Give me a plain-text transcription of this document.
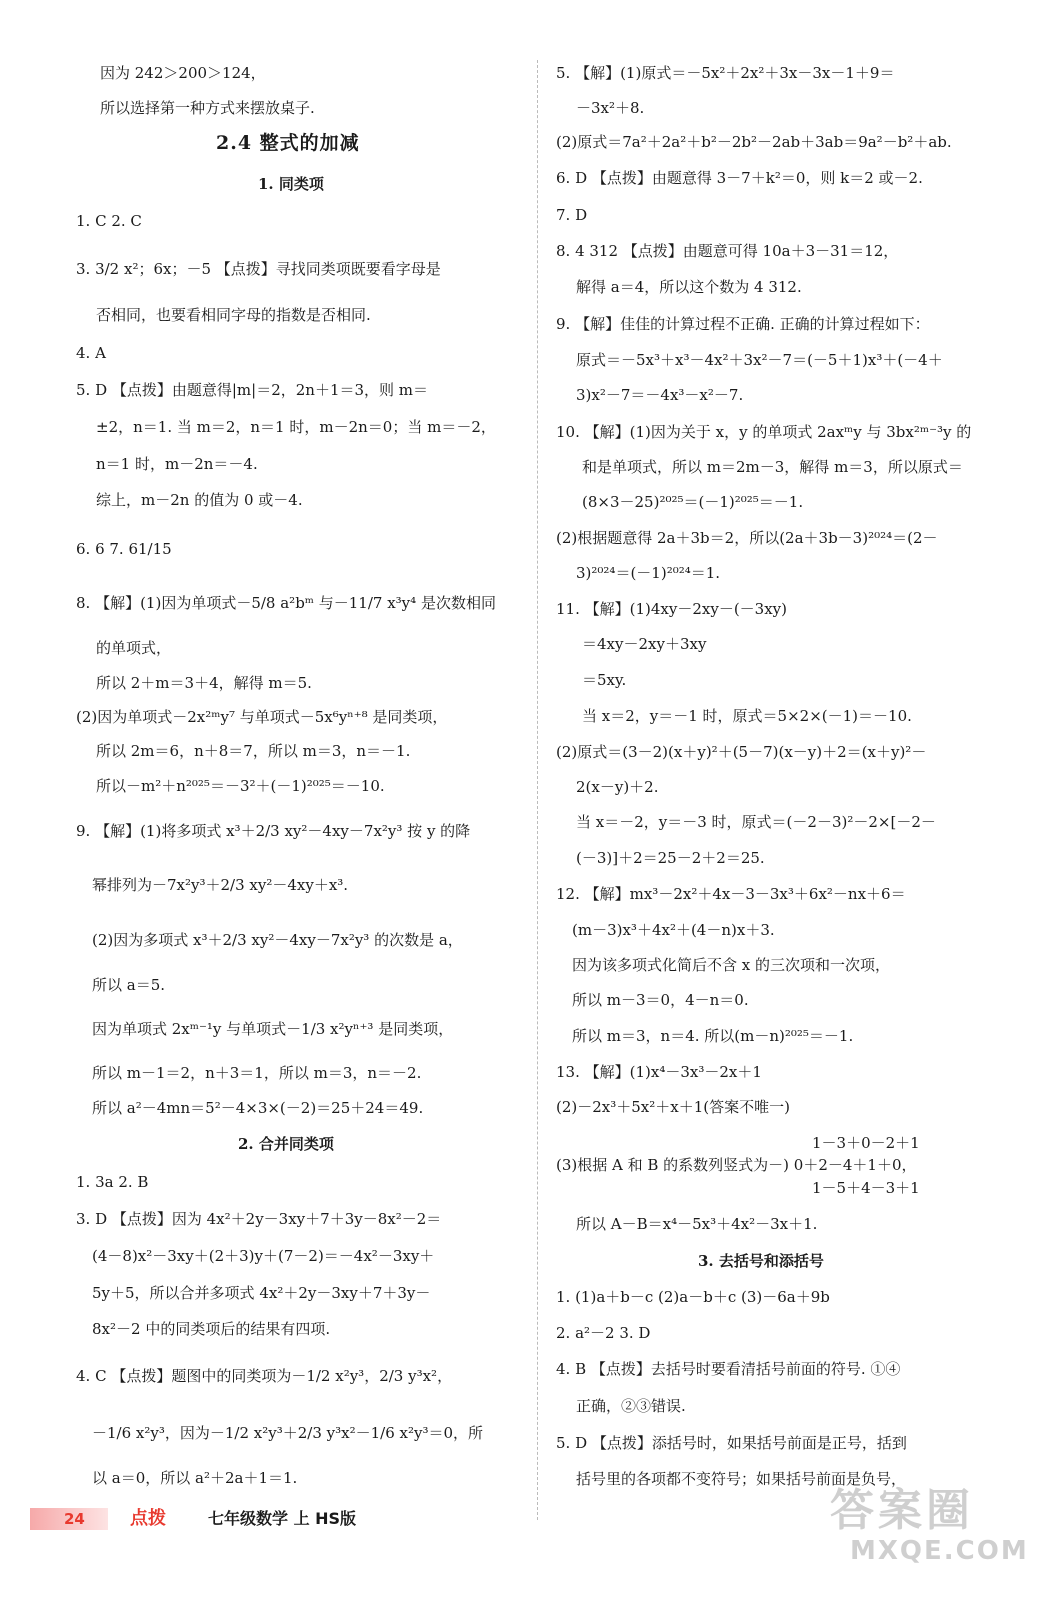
因为 242＞200＞124，
所以选择第一种方式来摆放桌子.
2.4 整式的加减
1. 同类项
1. C 2. C
3. 3/2 x²；6x；－5 【点拨】寻找同类项既要看字母是
否相同，也要看相同字母的指数是否相同.
4. A
5. D 【点拨】由题意得|m|＝2，2n＋1＝3，则 m＝
±2，n＝1. 当 m＝2，n＝1 时，m－2n＝0；当 m＝－2，
n＝1 时，m－2n＝－4.
综上，m－2n 的值为 0 或－4.
6. 6 7. 61/15
8. 【解】(1)因为单项式－5/8 a²bᵐ 与－11/7 x³y⁴ 是次数相同
的单项式，
所以 2＋m＝3＋4，解得 m＝5.
(2)因为单项式－2x²ᵐy⁷ 与单项式－5x⁶yⁿ⁺⁸ 是同类项，
所以 2m＝6，n＋8＝7，所以 m＝3，n＝－1.
所以－m²＋n²⁰²⁵＝－3²＋(－1)²⁰²⁵＝－10.
9. 【解】(1)将多项式 x³＋2/3 xy²－4xy－7x²y³ 按 y 的降
幂排列为－7x²y³＋2/3 xy²－4xy＋x³.
(2)因为多项式 x³＋2/3 xy²－4xy－7x²y³ 的次数是 a，
所以 a＝5.
因为单项式 2xᵐ⁻¹y 与单项式－1/3 x²yⁿ⁺³ 是同类项，
所以 m－1＝2，n＋3＝1，所以 m＝3，n＝－2.
所以 a²－4mn＝5²－4×3×(－2)＝25＋24＝49.
2. 合并同类项
1. 3a 2. B
3. D 【点拨】因为 4x²＋2y－3xy＋7＋3y－8x²－2＝
(4－8)x²－3xy＋(2＋3)y＋(7－2)＝－4x²－3xy＋
5y＋5，所以合并多项式 4x²＋2y－3xy＋7＋3y－
8x²－2 中的同类项后的结果有四项.
4. C 【点拨】题图中的同类项为－1/2 x²y³，2/3 y³x²，
－1/6 x²y³，因为－1/2 x²y³＋2/3 y³x²－1/6 x²y³＝0，所
以 a＝0，所以 a²＋2a＋1＝1.
5. 【解】(1)原式＝－5x²＋2x²＋3x－3x－1＋9＝
－3x²＋8.
(2)原式＝7a²＋2a²＋b²－2b²－2ab＋3ab＝9a²－b²＋ab.
6. D 【点拨】由题意得 3－7＋k²＝0，则 k＝2 或－2.
7. D
8. 4 312 【点拨】由题意可得 10a＋3－31＝12，
解得 a＝4，所以这个数为 4 312.
9. 【解】佳佳的计算过程不正确. 正确的计算过程如下：
原式＝－5x³＋x³－4x²＋3x²－7＝(－5＋1)x³＋(－4＋
3)x²－7＝－4x³－x²－7.
10. 【解】(1)因为关于 x，y 的单项式 2axᵐy 与 3bx²ᵐ⁻³y 的
和是单项式，所以 m＝2m－3，解得 m＝3，所以原式＝
(8×3－25)²⁰²⁵＝(－1)²⁰²⁵＝－1.
(2)根据题意得 2a＋3b＝2，所以(2a＋3b－3)²⁰²⁴＝(2－
3)²⁰²⁴＝(－1)²⁰²⁴＝1.
11. 【解】(1)4xy－2xy－(－3xy)
＝4xy－2xy＋3xy
＝5xy.
当 x＝2，y＝－1 时，原式＝5×2×(－1)＝－10.
(2)原式＝(3－2)(x＋y)²＋(5－7)(x－y)＋2＝(x＋y)²－
2(x－y)＋2.
当 x＝－2，y＝－3 时，原式＝(－2－3)²－2×[－2－
(－3)]＋2＝25－2＋2＝25.
12. 【解】mx³－2x²＋4x－3－3x³＋6x²－nx＋6＝
(m－3)x³＋4x²＋(4－n)x＋3.
因为该多项式化简后不含 x 的三次项和一次项，
所以 m－3＝0，4－n＝0.
所以 m＝3，n＝4. 所以(m－n)²⁰²⁵＝－1.
13. 【解】(1)x⁴－3x³－2x＋1
(2)－2x³＋5x²＋x＋1(答案不唯一)
1－3＋0－2＋1
(3)根据 A 和 B 的系数列竖式为－) 0＋2－4＋1＋0，
1－5＋4－3＋1
所以 A－B＝x⁴－5x³＋4x²－3x＋1.
3. 去括号和添括号
1. (1)a＋b－c (2)a－b＋c (3)－6a＋9b
2. a²－2 3. D
4. B 【点拨】去括号时要看清括号前面的符号. ①④
正确，②③错误.
5. D 【点拨】添括号时，如果括号前面是正号，括到
括号里的各项都不变符号；如果括号前面是负号，
24	点拨	七年级数学 上 HS版	答案圈
MXQE.COM
